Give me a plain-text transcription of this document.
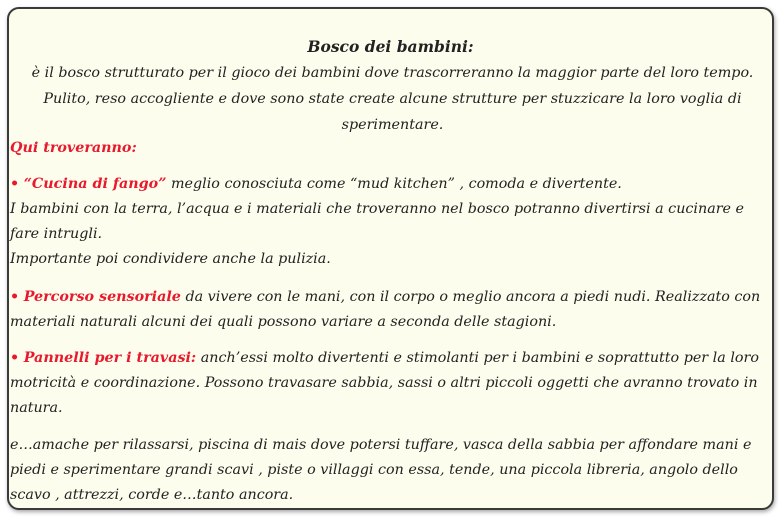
Bosco dei bambini:
è il bosco strutturato per il gioco dei bambini dove trascorreranno la maggior parte del loro tempo.
Pulito, reso accogliente e dove sono state create alcune strutture per stuzzicare la loro voglia di
sperimentare.
Qui troveranno:
• “Cucina di fango” meglio conosciuta come “mud kitchen” , comoda e divertente.
I bambini con la terra, l’acqua e i materiali che troveranno nel bosco potranno divertirsi a cucinare e
fare intrugli.
Importante poi condividere anche la pulizia.
• Percorso sensoriale da vivere con le mani, con il corpo o meglio ancora a piedi nudi. Realizzato con
materiali naturali alcuni dei quali possono variare a seconda delle stagioni.
• Pannelli per i travasi: anch’essi molto divertenti e stimolanti per i bambini e soprattutto per la loro
motricità e coordinazione. Possono travasare sabbia, sassi o altri piccoli oggetti che avranno trovato in
natura.
e…amache per rilassarsi, piscina di mais dove potersi tuffare, vasca della sabbia per affondare mani e
piedi e sperimentare grandi scavi , piste o villaggi con essa, tende, una piccola libreria, angolo dello
scavo , attrezzi, corde e…tanto ancora.
